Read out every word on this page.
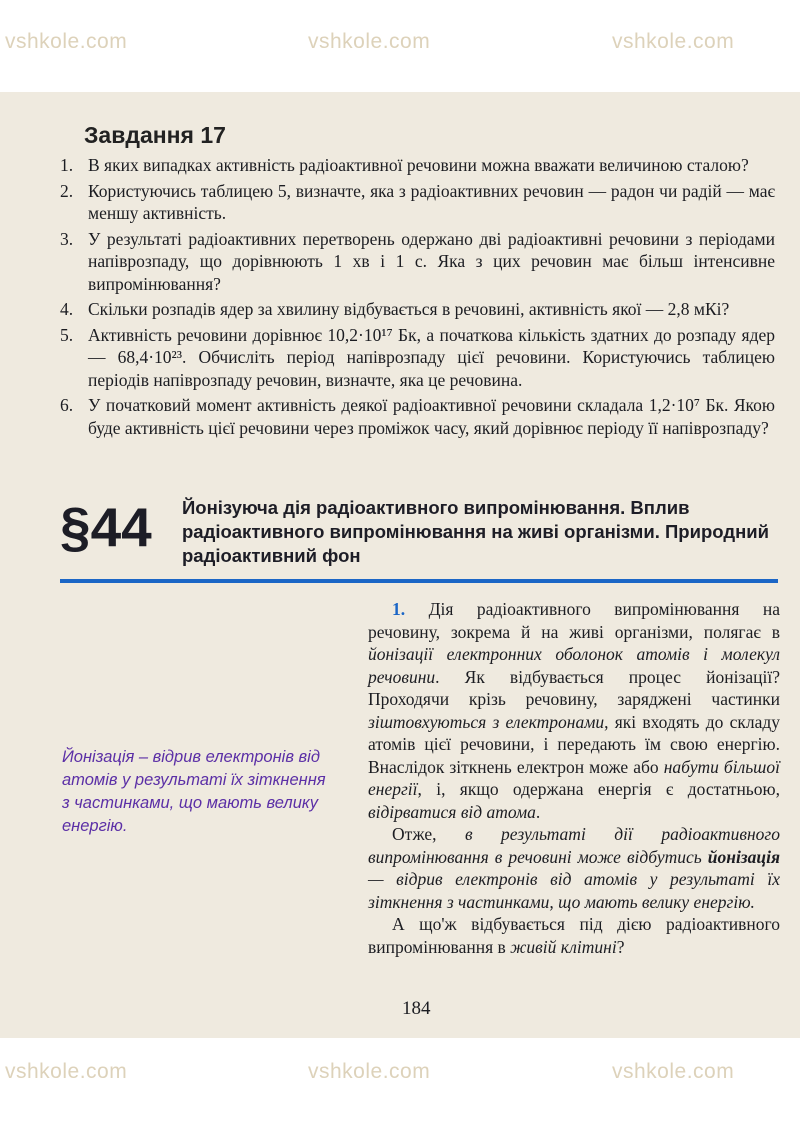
vshkole.com	vshkole.com	vshkole.com
vshkole.com	vshkole.com	vshkole.com
Завдання 17
1. В яких випадках активність радіоактивної речовини можна вважати величиною сталою?
2. Користуючись таблицею 5, визначте, яка з радіоактивних речовин — радон чи радій — має меншу активність.
3. У результаті радіоактивних перетворень одержано дві радіоактивні речовини з періодами напіврозпаду, що дорівнюють 1 хв і 1 с. Яка з цих речовин має більш інтенсивне випромінювання?
4. Скільки розпадів ядер за хвилину відбувається в речовині, активність якої — 2,8 мКі?
5. Активність речовини дорівнює 10,2·10¹⁷ Бк, а початкова кількість здатних до розпаду ядер — 68,4·10²³. Обчисліть період напіврозпаду цієї речовини. Користуючись таблицею періодів напіврозпаду речовин, визначте, яка це речовина.
6. У початковий момент активність деякої радіоактивної речовини складала 1,2·10⁷ Бк. Якою буде активність цієї речовини через проміжок часу, який дорівнює періоду її напіврозпаду?
§44 Йонізуюча дія радіоактивного випромінювання. Вплив радіоактивного випромінювання на живі організми. Природний радіоактивний фон
Йонізація – відрив електронів від атомів у результаті їх зіткнення з частинками, що мають велику енергію.

1. Дія радіоактивного випромінювання на речовину, зокрема й на живі організми, полягає в йонізації електронних оболонок атомів і молекул речовини. Як відбувається процес йонізації? Проходячи крізь речовину, заряджені частинки зіштовхуються з електронами, які входять до складу атомів цієї речовини, і передають їм свою енергію. Внаслідок зіткнень електрон може або набути більшої енергії, і, якщо одержана енергія є достатньою, відірватися від атома.

Отже, в результаті дії радіоактивного випромінювання в речовині може відбутись йонізація — відрив електронів від атомів у результаті їх зіткнення з частинками, що мають велику енергію.

А що'ж відбувається під дією радіоактивного випромінювання в живій клітині?

184
